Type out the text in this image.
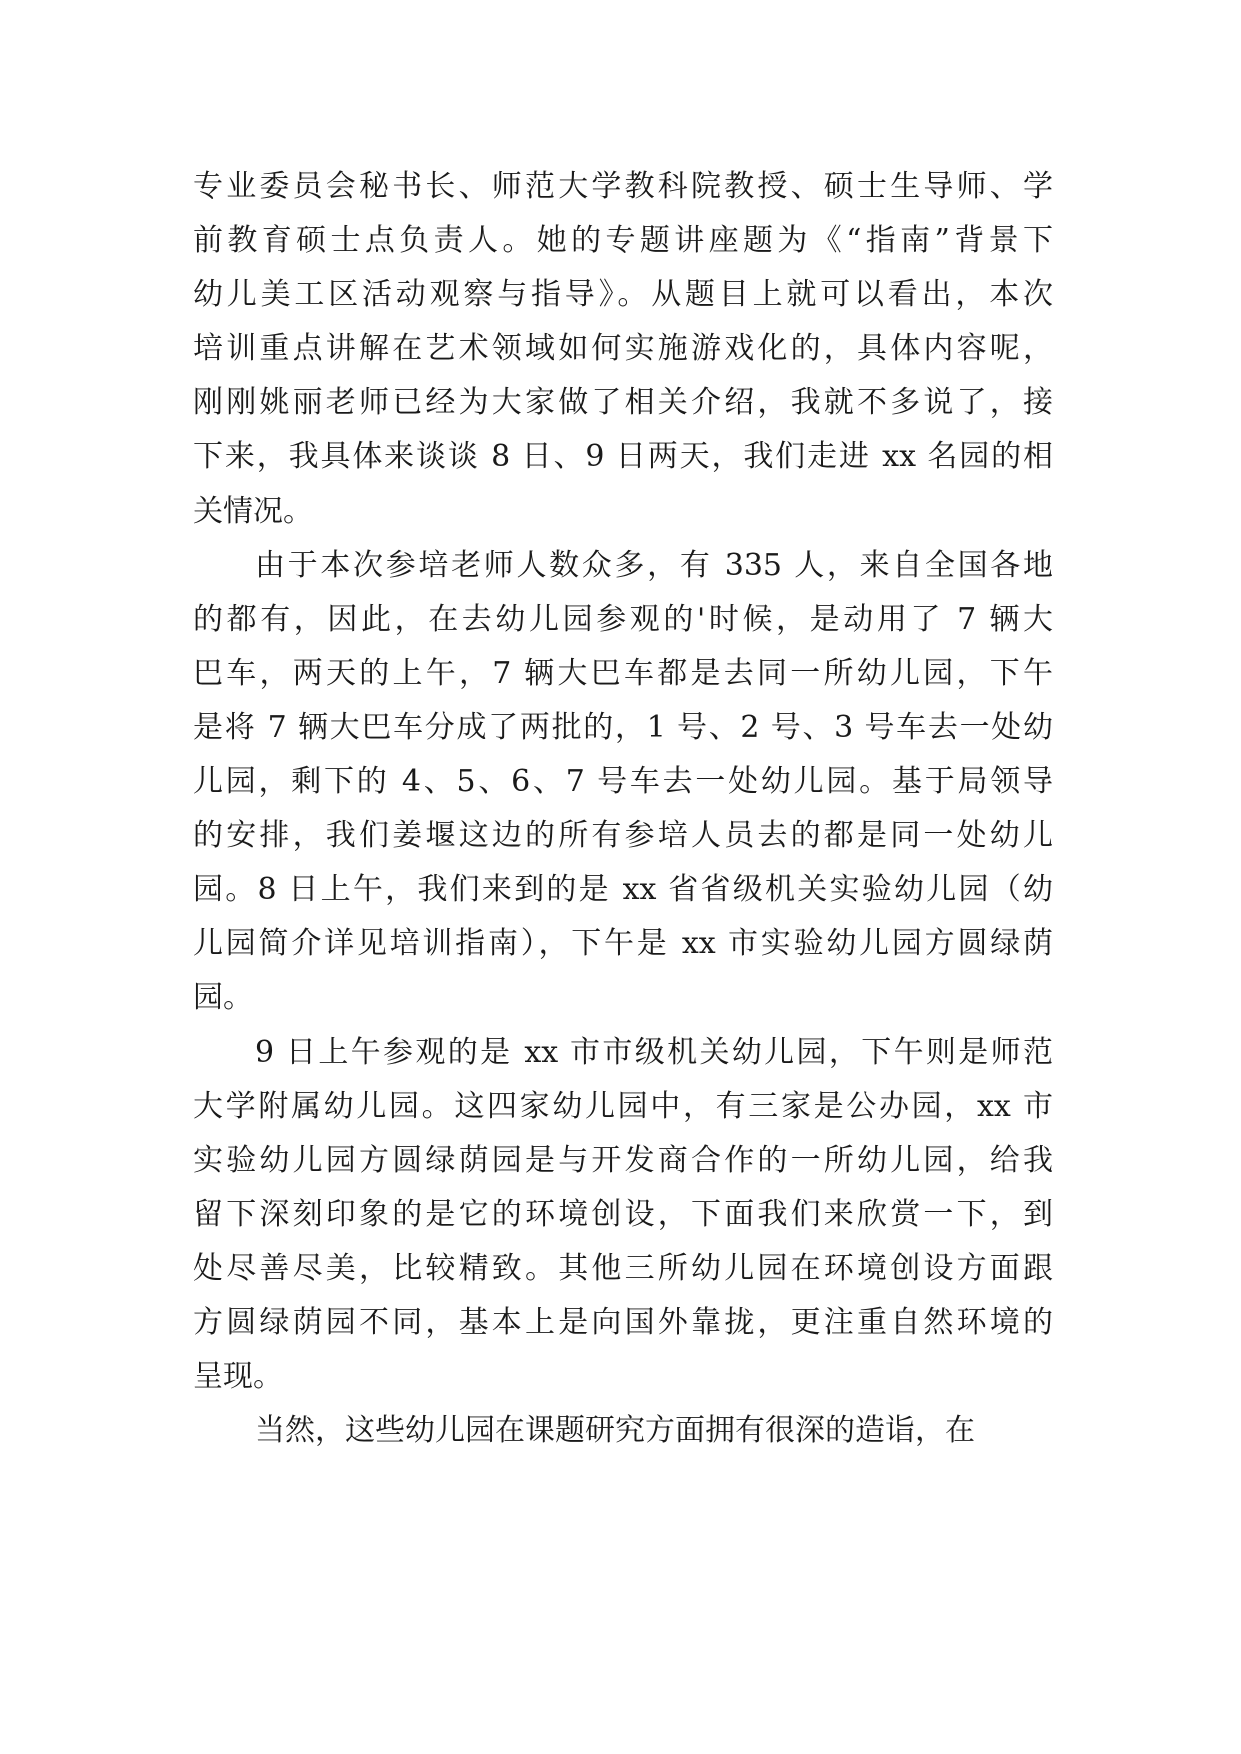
专业委员会秘书长、师范大学教科院教授、硕士生导师、学
前教育硕士点负责人。她的专题讲座题为《“指南”背景下
幼儿美工区活动观察与指导》。从题目上就可以看出，本次
培训重点讲解在艺术领域如何实施游戏化的，具体内容呢，
刚刚姚丽老师已经为大家做了相关介绍，我就不多说了，接
下来，我具体来谈谈 8 日、9 日两天，我们走进 xx 名园的相
关情况。
由于本次参培老师人数众多，有 335 人，来自全国各地
的都有，因此，在去幼儿园参观的'时候，是动用了 7 辆大
巴车，两天的上午，7 辆大巴车都是去同一所幼儿园，下午
是将 7 辆大巴车分成了两批的，1 号、2 号、3 号车去一处幼
儿园，剩下的 4、5、6、7 号车去一处幼儿园。基于局领导
的安排，我们姜堰这边的所有参培人员去的都是同一处幼儿
园。8 日上午，我们来到的是 xx 省省级机关实验幼儿园（幼
儿园简介详见培训指南），下午是 xx 市实验幼儿园方圆绿荫
园。
9 日上午参观的是 xx 市市级机关幼儿园，下午则是师范
大学附属幼儿园。这四家幼儿园中，有三家是公办园，xx 市
实验幼儿园方圆绿荫园是与开发商合作的一所幼儿园，给我
留下深刻印象的是它的环境创设，下面我们来欣赏一下，到
处尽善尽美，比较精致。其他三所幼儿园在环境创设方面跟
方圆绿荫园不同，基本上是向国外靠拢，更注重自然环境的
呈现。
当然，这些幼儿园在课题研究方面拥有很深的造诣，在
